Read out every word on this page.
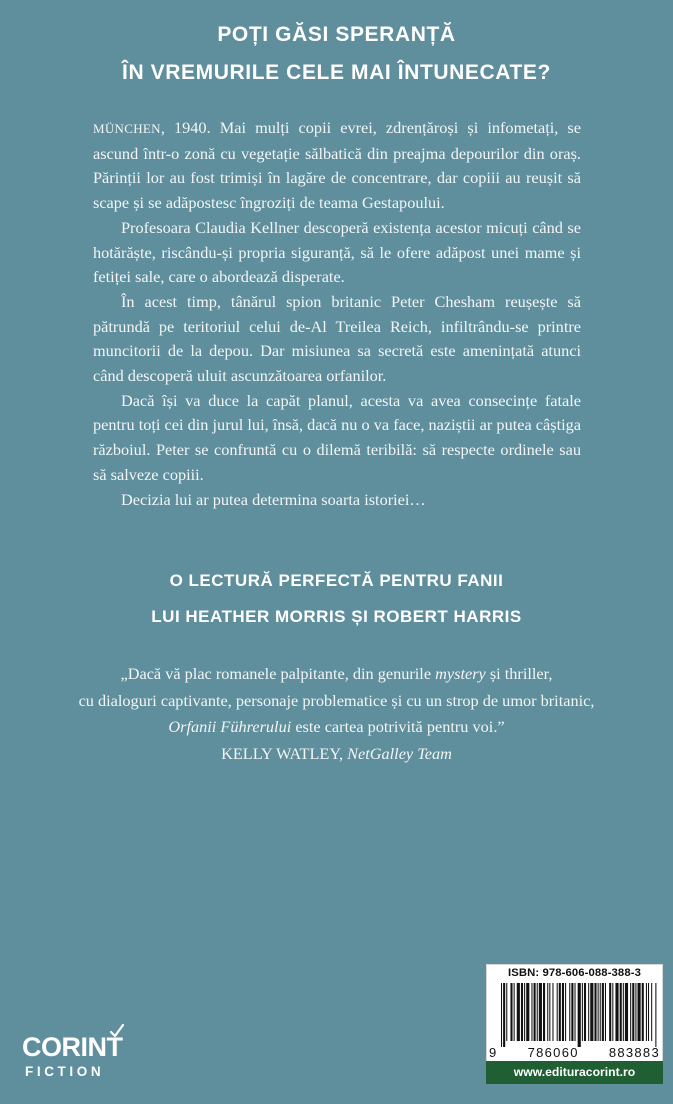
POȚI GĂSI SPERANȚĂ
ÎN VREMURILE CELE MAI ÎNTUNECATE?

MÜNCHEN, 1940. Mai mulți copii evrei, zdrențăroși și infometați, se ascund într-o zonă cu vegetație sălbatică din preajma depourilor din oraș. Părinții lor au fost trimiși în lagăre de concentrare, dar copiii au reușit să scape și se adăpostesc îngroziți de teama Gestapoului.

Profesoara Claudia Kellner descoperă existența acestor micuți când se hotărăște, riscându-și propria siguranță, să le ofere adăpost unei mame și fetiței sale, care o abordează disperate.

În acest timp, tânărul spion britanic Peter Chesham reușește să pătrundă pe teritoriul celui de-Al Treilea Reich, infiltrându-se printre muncitorii de la depou. Dar misiunea sa secretă este amenințată atunci când descoperă uluit ascunzătoarea orfanilor.

Dacă își va duce la capăt planul, acesta va avea consecințe fatale pentru toți cei din jurul lui, însă, dacă nu o va face, naziștii ar putea câștiga războiul. Peter se confruntă cu o dilemă teribilă: să respecte ordinele sau să salveze copiii.

Decizia lui ar putea determina soarta istoriei…

O LECTURĂ PERFECTĂ PENTRU FANII
LUI HEATHER MORRIS ȘI ROBERT HARRIS
„Dacă vă plac romanele palpitante, din genurile mystery și thriller,
cu dialoguri captivante, personaje problematice și cu un strop de umor britanic,
Orfanii Führerului este cartea potrivită pentru voi.”
KELLY WATLEY, NetGalley Team
CORINT
FICTION
ISBN: 978-606-088-388-3
9 786060 883883
www.edituracorint.ro
